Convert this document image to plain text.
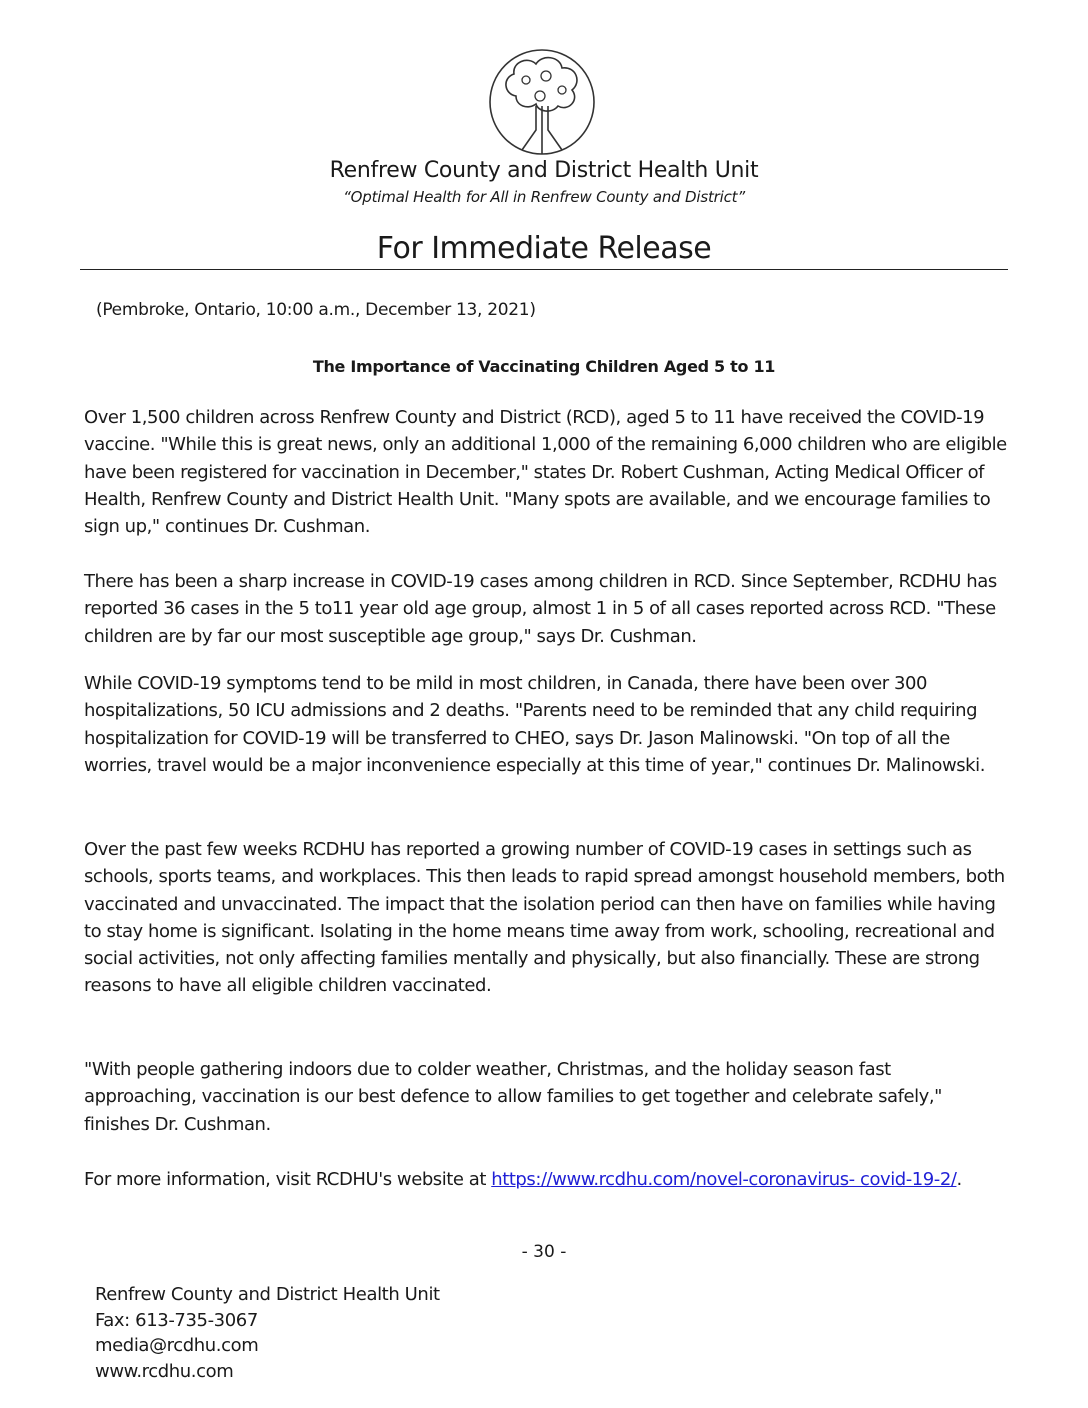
Renfrew County and District Health Unit
“Optimal Health for All in Renfrew County and District”
For Immediate Release
(Pembroke, Ontario, 10:00 a.m., December 13, 2021)
The Importance of Vaccinating Children Aged 5 to 11

Over 1,500 children across Renfrew County and District (RCD), aged 5 to 11 have received the COVID-19 vaccine. "While this is great news, only an additional 1,000 of the remaining 6,000 children who are eligible have been registered for vaccination in December," states Dr. Robert Cushman, Acting Medical Officer of Health, Renfrew County and District Health Unit. "Many spots are available, and we encourage families to sign up," continues Dr. Cushman.

There has been a sharp increase in COVID-19 cases among children in RCD. Since September, RCDHU has reported 36 cases in the 5 to11 year old age group, almost 1 in 5 of all cases reported across RCD. "These children are by far our most susceptible age group," says Dr. Cushman.

While COVID-19 symptoms tend to be mild in most children, in Canada, there have been over 300 hospitalizations, 50 ICU admissions and 2 deaths. "Parents need to be reminded that any child requiring hospitalization for COVID-19 will be transferred to CHEO, says Dr. Jason Malinowski. "On top of all the worries, travel would be a major inconvenience especially at this time of year," continues Dr. Malinowski.

Over the past few weeks RCDHU has reported a growing number of COVID-19 cases in settings such as schools, sports teams, and workplaces. This then leads to rapid spread amongst household members, both vaccinated and unvaccinated. The impact that the isolation period can then have on families while having to stay home is significant. Isolating in the home means time away from work, schooling, recreational and social activities, not only affecting families mentally and physically, but also financially. These are strong reasons to have all eligible children vaccinated.

"With people gathering indoors due to colder weather, Christmas, and the holiday season fast approaching, vaccination is our best defence to allow families to get together and celebrate safely," finishes Dr. Cushman.

For more information, visit RCDHU's website at https://www.rcdhu.com/novel-coronavirus- covid-19-2/.

- 30 -
Renfrew County and District Health Unit
Fax: 613-735-3067
media@rcdhu.com
www.rcdhu.com
